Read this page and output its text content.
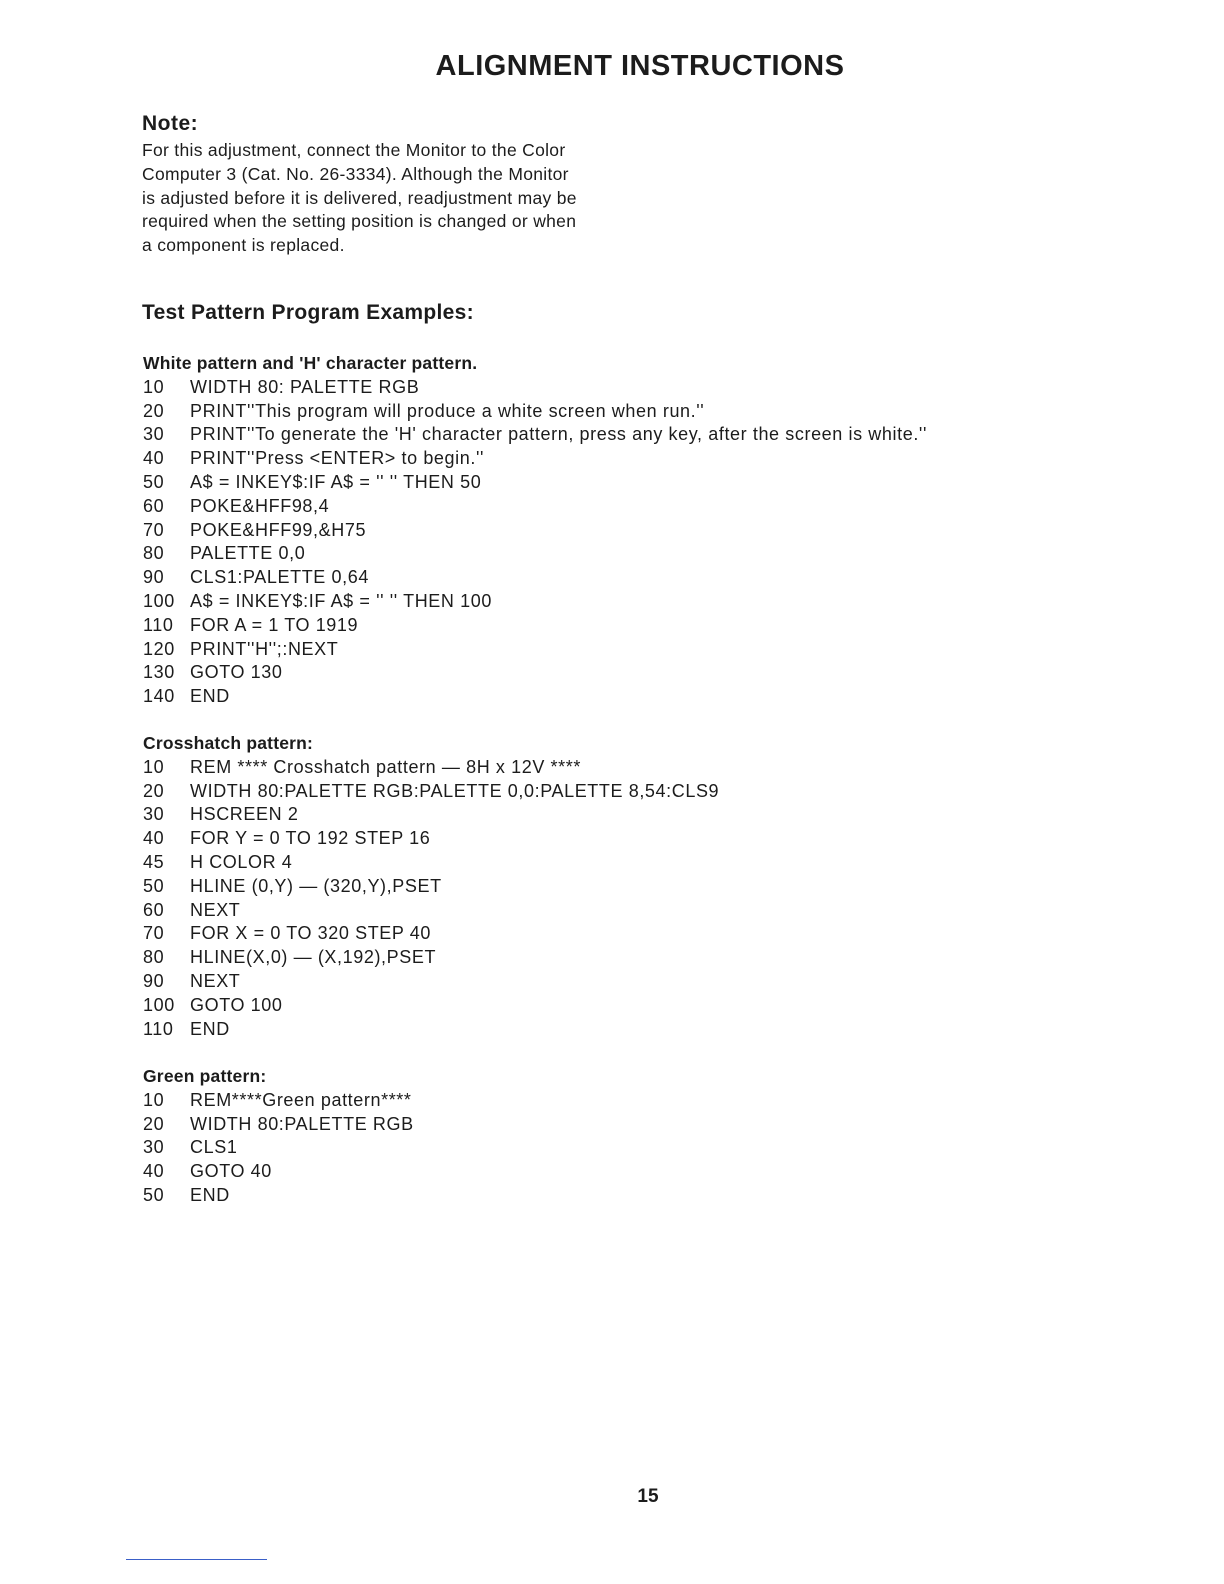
ALIGNMENT INSTRUCTIONS
Note:
For this adjustment, connect the Monitor to the Color
Computer 3 (Cat. No. 26-3334). Although the Monitor
is adjusted before it is delivered, readjustment may be
required when the setting position is changed or when
a component is replaced.
Test Pattern Program Examples:
White pattern and 'H' character pattern.
10 WIDTH 80: PALETTE RGB
20 PRINT''This program will produce a white screen when run.''
30 PRINT''To generate the 'H' character pattern, press any key, after the screen is white.''
40 PRINT''Press <ENTER> to begin.''
50 A$ = INKEY$:IF A$ = '' '' THEN 50
60 POKE&HFF98,4
70 POKE&HFF99,&H75
80 PALETTE 0,0
90 CLS1:PALETTE 0,64
100 A$ = INKEY$:IF A$ = '' '' THEN 100
110 FOR A = 1 TO 1919
120 PRINT''H'';:NEXT
130 GOTO 130
140 END
Crosshatch pattern:
10 REM **** Crosshatch pattern — 8H x 12V ****
20 WIDTH 80:PALETTE RGB:PALETTE 0,0:PALETTE 8,54:CLS9
30 HSCREEN 2
40 FOR Y = 0 TO 192 STEP 16
45 H COLOR 4
50 HLINE (0,Y) — (320,Y),PSET
60 NEXT
70 FOR X = 0 TO 320 STEP 40
80 HLINE(X,0) — (X,192),PSET
90 NEXT
100 GOTO 100
110 END
Green pattern:
10 REM****Green pattern****
20 WIDTH 80:PALETTE RGB
30 CLS1
40 GOTO 40
50 END
15
